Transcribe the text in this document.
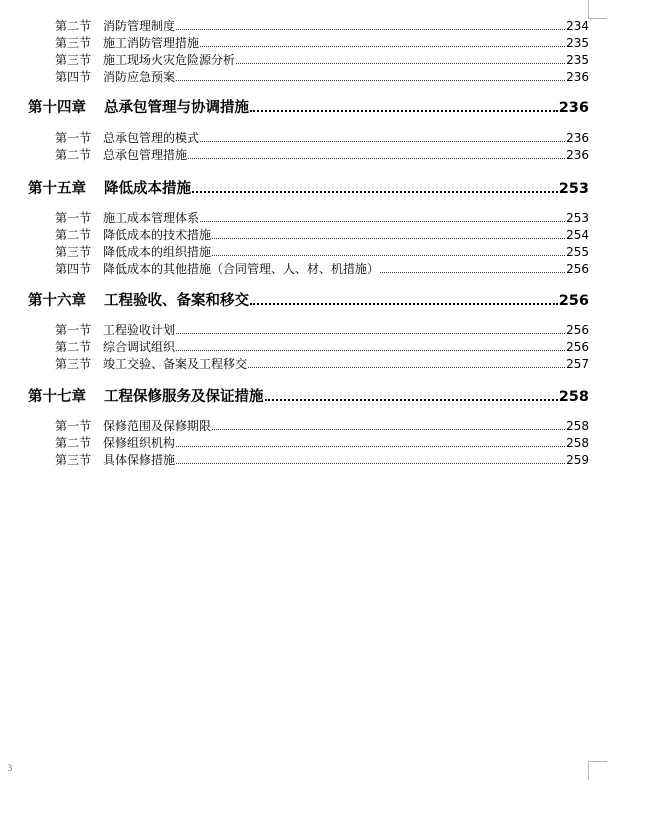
第二节 消防管理制度	234
第三节 施工消防管理措施	235
第三节 施工现场火灾危险源分析	235
第四节 消防应急预案	236
第十四章	总承包管理与协调措施	236
第一节 总承包管理的模式	236
第二节 总承包管理措施	236
第十五章	降低成本措施	253
第一节 施工成本管理体系	253
第二节 降低成本的技术措施	254
第三节 降低成本的组织措施	255
第四节 降低成本的其他措施（合同管理、人、材、机措施）	256
第十六章	工程验收、备案和移交	256
第一节 工程验收计划	256
第二节 综合调试组织	256
第三节 竣工交验、备案及工程移交	257
第十七章	工程保修服务及保证措施	258
第一节 保修范围及保修期限	258
第二节 保修组织机构	258
第三节 具体保修措施	259
3
